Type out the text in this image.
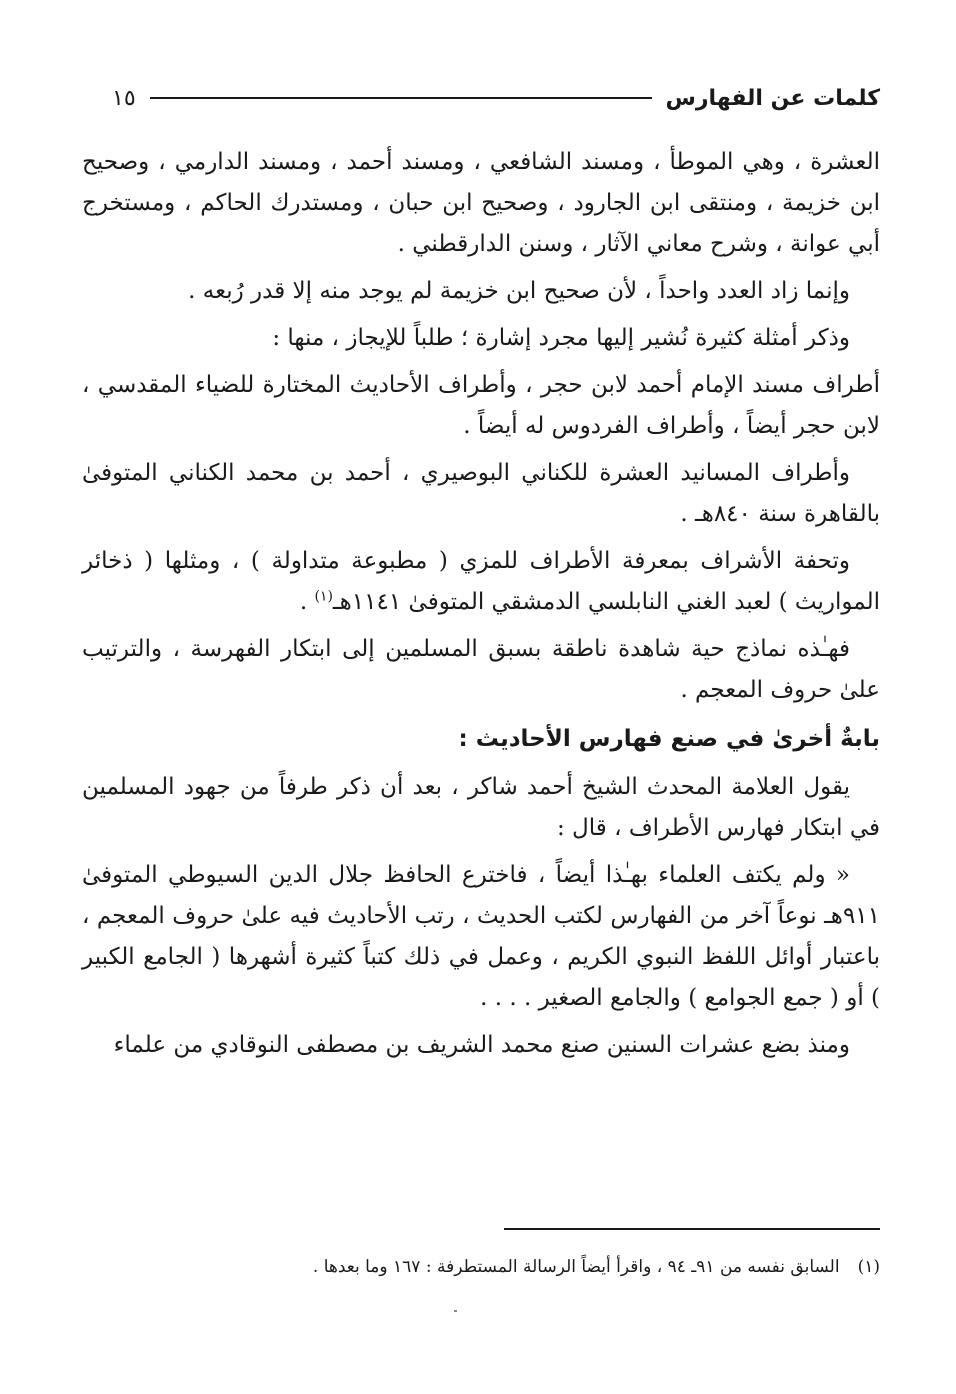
كلمات عن الفهارس
١٥

العشرة ، وهي الموطأ ، ومسند الشافعي ، ومسند أحمد ، ومسند الدارمي ، وصحيح ابن خزيمة ، ومنتقى ابن الجارود ، وصحيح ابن حبان ، ومستدرك الحاكم ، ومستخرج أبي عوانة ، وشرح معاني الآثار ، وسنن الدارقطني .

وإنما زاد العدد واحداً ، لأن صحيح ابن خزيمة لم يوجد منه إلا قدر رُبعه .

وذكر أمثلة كثيرة نُشير إليها مجرد إشارة ؛ طلباً للإيجاز ، منها :

أطراف مسند الإمام أحمد لابن حجر ، وأطراف الأحاديث المختارة للضياء المقدسي ، لابن حجر أيضاً ، وأطراف الفردوس له أيضاً .

وأطراف المسانيد العشرة للكناني البوصيري ، أحمد بن محمد الكناني المتوفىٰ بالقاهرة سنة ٨٤٠هـ .

وتحفة الأشراف بمعرفة الأطراف للمزي ( مطبوعة متداولة ) ، ومثلها ( ذخائر المواريث ) لعبد الغني النابلسي الدمشقي المتوفىٰ ١١٤١هـ$^{(١)}$ .

فهـٰذه نماذج حية شاهدة ناطقة بسبق المسلمين إلى ابتكار الفهرسة ، والترتيب علىٰ حروف المعجم .

بابةٌ أخرىٰ في صنع فهارس الأحاديث :

يقول العلامة المحدث الشيخ أحمد شاكر ، بعد أن ذكر طرفاً من جهود المسلمين في ابتكار فهارس الأطراف ، قال :

« ولم يكتف العلماء بهـٰذا أيضاً ، فاخترع الحافظ جلال الدين السيوطي المتوفىٰ ٩١١هـ نوعاً آخر من الفهارس لكتب الحديث ، رتب الأحاديث فيه علىٰ حروف المعجم ، باعتبار أوائل اللفظ النبوي الكريم ، وعمل في ذلك كتباً كثيرة أشهرها ( الجامع الكبير ) أو ( جمع الجوامع ) والجامع الصغير . . . .

ومنذ بضع عشرات السنين صنع محمد الشريف بن مصطفى النوقادي من علماء

(١)السابق نفسه من ٩١ـ ٩٤ ، واقرأ أيضاً الرسالة المستطرفة : ١٦٧ وما بعدها .
